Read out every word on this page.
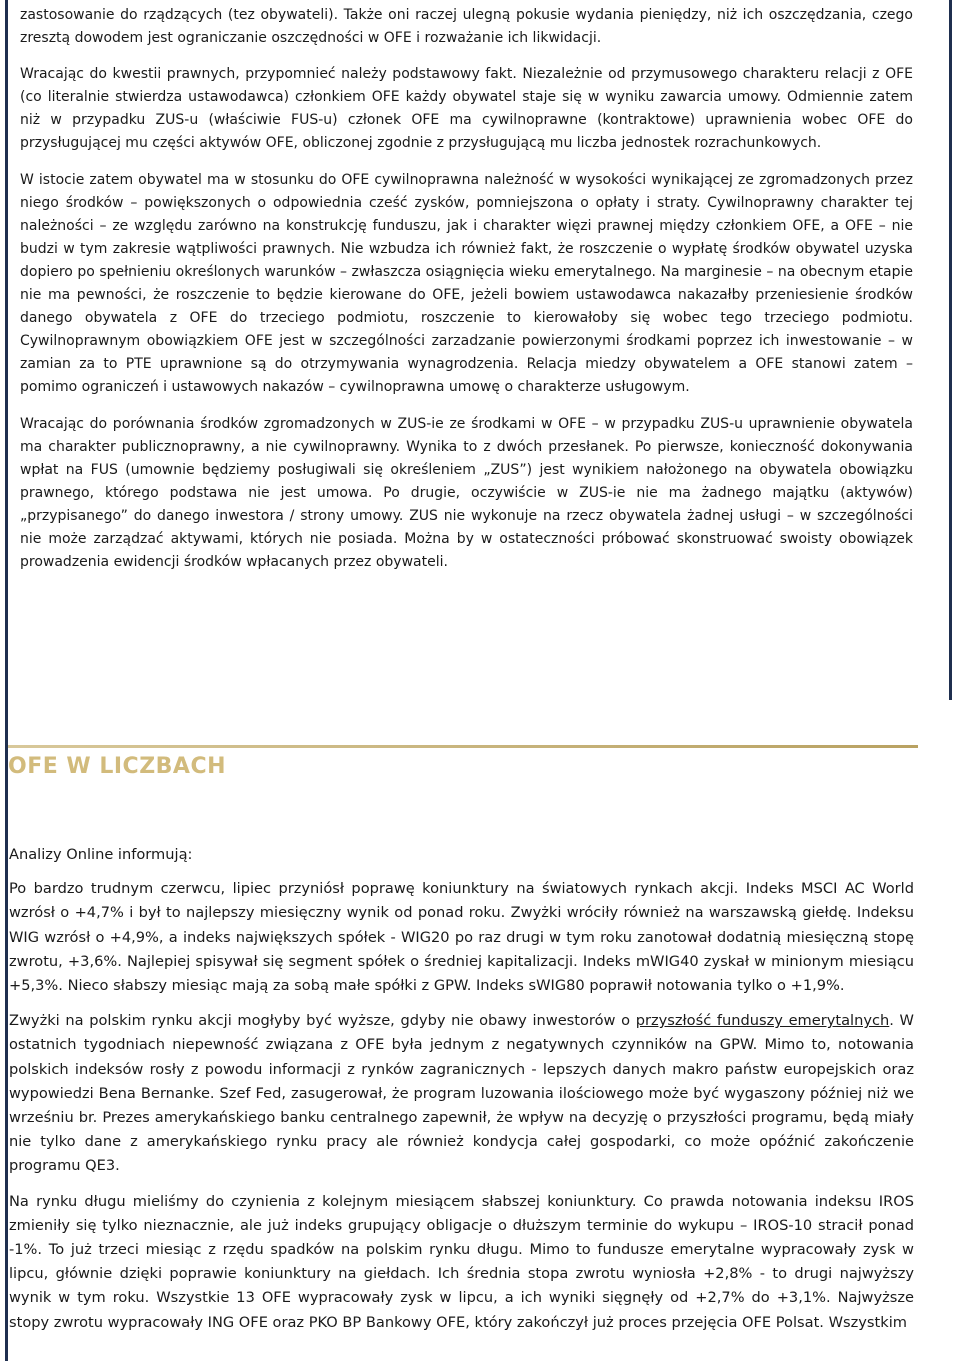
zastosowanie do rządzących (tez obywateli). Także oni raczej ulegną pokusie wydania pieniędzy, niż ich oszczędzania, czego zresztą dowodem jest ograniczanie oszczędności w OFE i rozważanie ich likwidacji.

Wracając do kwestii prawnych, przypomnieć należy podstawowy fakt. Niezależnie od przymusowego charakteru relacji z OFE (co literalnie stwierdza ustawodawca) członkiem OFE każdy obywatel staje się w wyniku zawarcia umowy. Odmiennie zatem niż w przypadku ZUS-u (właściwie FUS-u) członek OFE ma cywilnoprawne (kontraktowe) uprawnienia wobec OFE do przysługującej mu części aktywów OFE, obliczonej zgodnie z przysługującą mu liczba jednostek rozrachunkowych.

W istocie zatem obywatel ma w stosunku do OFE cywilnoprawna należność w wysokości wynikającej ze zgromadzonych przez niego środków – powiększonych o odpowiednia cześć zysków, pomniejszona o opłaty i straty. Cywilnoprawny charakter tej należności – ze względu zarówno na konstrukcję funduszu, jak i charakter więzi prawnej między członkiem OFE, a OFE – nie budzi w tym zakresie wątpliwości prawnych. Nie wzbudza ich również fakt, że roszczenie o wypłatę środków obywatel uzyska dopiero po spełnieniu określonych warunków – zwłaszcza osiągnięcia wieku emerytalnego. Na marginesie – na obecnym etapie nie ma pewności, że roszczenie to będzie kierowane do OFE, jeżeli bowiem ustawodawca nakazałby przeniesienie środków danego obywatela z OFE do trzeciego podmiotu, roszczenie to kierowałoby się wobec tego trzeciego podmiotu. Cywilnoprawnym obowiązkiem OFE jest w szczególności zarzadzanie powierzonymi środkami poprzez ich inwestowanie – w zamian za to PTE uprawnione są do otrzymywania wynagrodzenia. Relacja miedzy obywatelem a OFE stanowi zatem – pomimo ograniczeń i ustawowych nakazów – cywilnoprawna umowę o charakterze usługowym.

Wracając do porównania środków zgromadzonych w ZUS-ie ze środkami w OFE – w przypadku ZUS-u uprawnienie obywatela ma charakter publicznoprawny, a nie cywilnoprawny. Wynika to z dwóch przesłanek. Po pierwsze, konieczność dokonywania wpłat na FUS (umownie będziemy posługiwali się określeniem „ZUS”) jest wynikiem nałożonego na obywatela obowiązku prawnego, którego podstawa nie jest umowa. Po drugie, oczywiście w ZUS-ie nie ma żadnego majątku (aktywów) „przypisanego” do danego inwestora / strony umowy. ZUS nie wykonuje na rzecz obywatela żadnej usługi – w szczególności nie może zarządzać aktywami, których nie posiada. Można by w ostateczności próbować skonstruować swoisty obowiązek prowadzenia ewidencji środków wpłacanych przez obywateli.

OFE W LICZBACH

Analizy Online informują:

Po bardzo trudnym czerwcu, lipiec przyniósł poprawę koniunktury na światowych rynkach akcji. Indeks MSCI AC World wzrósł o +4,7% i był to najlepszy miesięczny wynik od ponad roku. Zwyżki wróciły również na warszawską giełdę. Indeksu WIG wzrósł o +4,9%, a indeks największych spółek - WIG20 po raz drugi w tym roku zanotował dodatnią miesięczną stopę zwrotu, +3,6%. Najlepiej spisywał się segment spółek o średniej kapitalizacji. Indeks mWIG40 zyskał w minionym miesiącu +5,3%. Nieco słabszy miesiąc mają za sobą małe spółki z GPW. Indeks sWIG80 poprawił notowania tylko o +1,9%.

Zwyżki na polskim rynku akcji mogłyby być wyższe, gdyby nie obawy inwestorów o przyszłość funduszy emerytalnych. W ostatnich tygodniach niepewność związana z OFE była jednym z negatywnych czynników na GPW. Mimo to, notowania polskich indeksów rosły z powodu informacji z rynków zagranicznych - lepszych danych makro państw europejskich oraz wypowiedzi Bena Bernanke. Szef Fed, zasugerował, że program luzowania ilościowego może być wygaszony później niż we wrześniu br. Prezes amerykańskiego banku centralnego zapewnił, że wpływ na decyzję o przyszłości programu, będą miały nie tylko dane z amerykańskiego rynku pracy ale również kondycja całej gospodarki, co może opóźnić zakończenie programu QE3.

Na rynku długu mieliśmy do czynienia z kolejnym miesiącem słabszej koniunktury. Co prawda notowania indeksu IROS zmieniły się tylko nieznacznie, ale już indeks grupujący obligacje o dłuższym terminie do wykupu – IROS-10 stracił ponad -1%. To już trzeci miesiąc z rzędu spadków na polskim rynku długu. Mimo to fundusze emerytalne wypracowały zysk w lipcu, głównie dzięki poprawie koniunktury na giełdach. Ich średnia stopa zwrotu wyniosła +2,8% - to drugi najwyższy wynik w tym roku. Wszystkie 13 OFE wypracowały zysk w lipcu, a ich wyniki sięgnęły od +2,7% do +3,1%. Najwyższe stopy zwrotu wypracowały ING OFE oraz PKO BP Bankowy OFE, który zakończył już proces przejęcia OFE Polsat. Wszystkim
